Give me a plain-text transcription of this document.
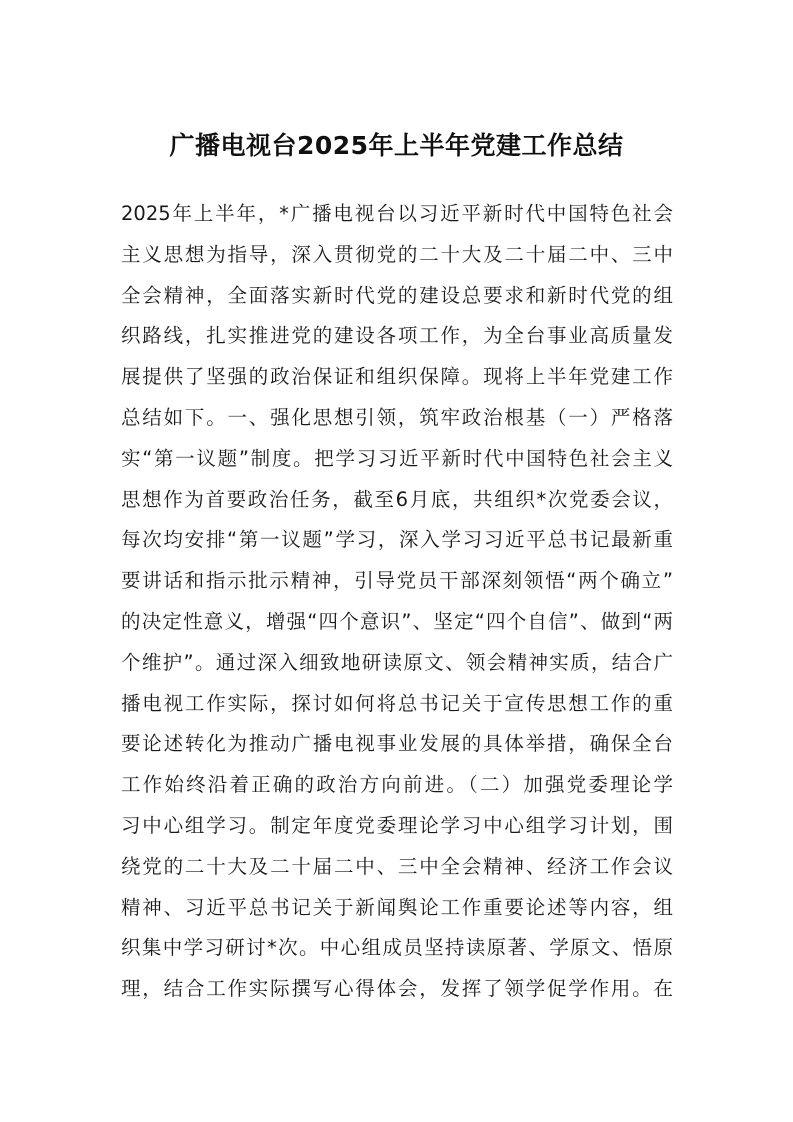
广播电视台2025年上半年党建工作总结
2025年上半年，*广播电视台以习近平新时代中国特色社会
主义思想为指导，深入贯彻党的二十大及二十届二中、三中
全会精神，全面落实新时代党的建设总要求和新时代党的组
织路线，扎实推进党的建设各项工作，为全台事业高质量发
展提供了坚强的政治保证和组织保障。现将上半年党建工作
总结如下。一、强化思想引领，筑牢政治根基（一）严格落
实“第一议题”制度。把学习习近平新时代中国特色社会主义
思想作为首要政治任务，截至6月底，共组织*次党委会议，
每次均安排“第一议题”学习，深入学习习近平总书记最新重
要讲话和指示批示精神，引导党员干部深刻领悟“两个确立”
的决定性意义，增强“四个意识”、坚定“四个自信”、做到“两
个维护”。通过深入细致地研读原文、领会精神实质，结合广
播电视工作实际，探讨如何将总书记关于宣传思想工作的重
要论述转化为推动广播电视事业发展的具体举措，确保全台
工作始终沿着正确的政治方向前进。（二）加强党委理论学
习中心组学习。制定年度党委理论学习中心组学习计划，围
绕党的二十大及二十届二中、三中全会精神、经济工作会议
精神、习近平总书记关于新闻舆论工作重要论述等内容，组
织集中学习研讨*次。中心组成员坚持读原著、学原文、悟原
理，结合工作实际撰写心得体会，发挥了领学促学作用。在
